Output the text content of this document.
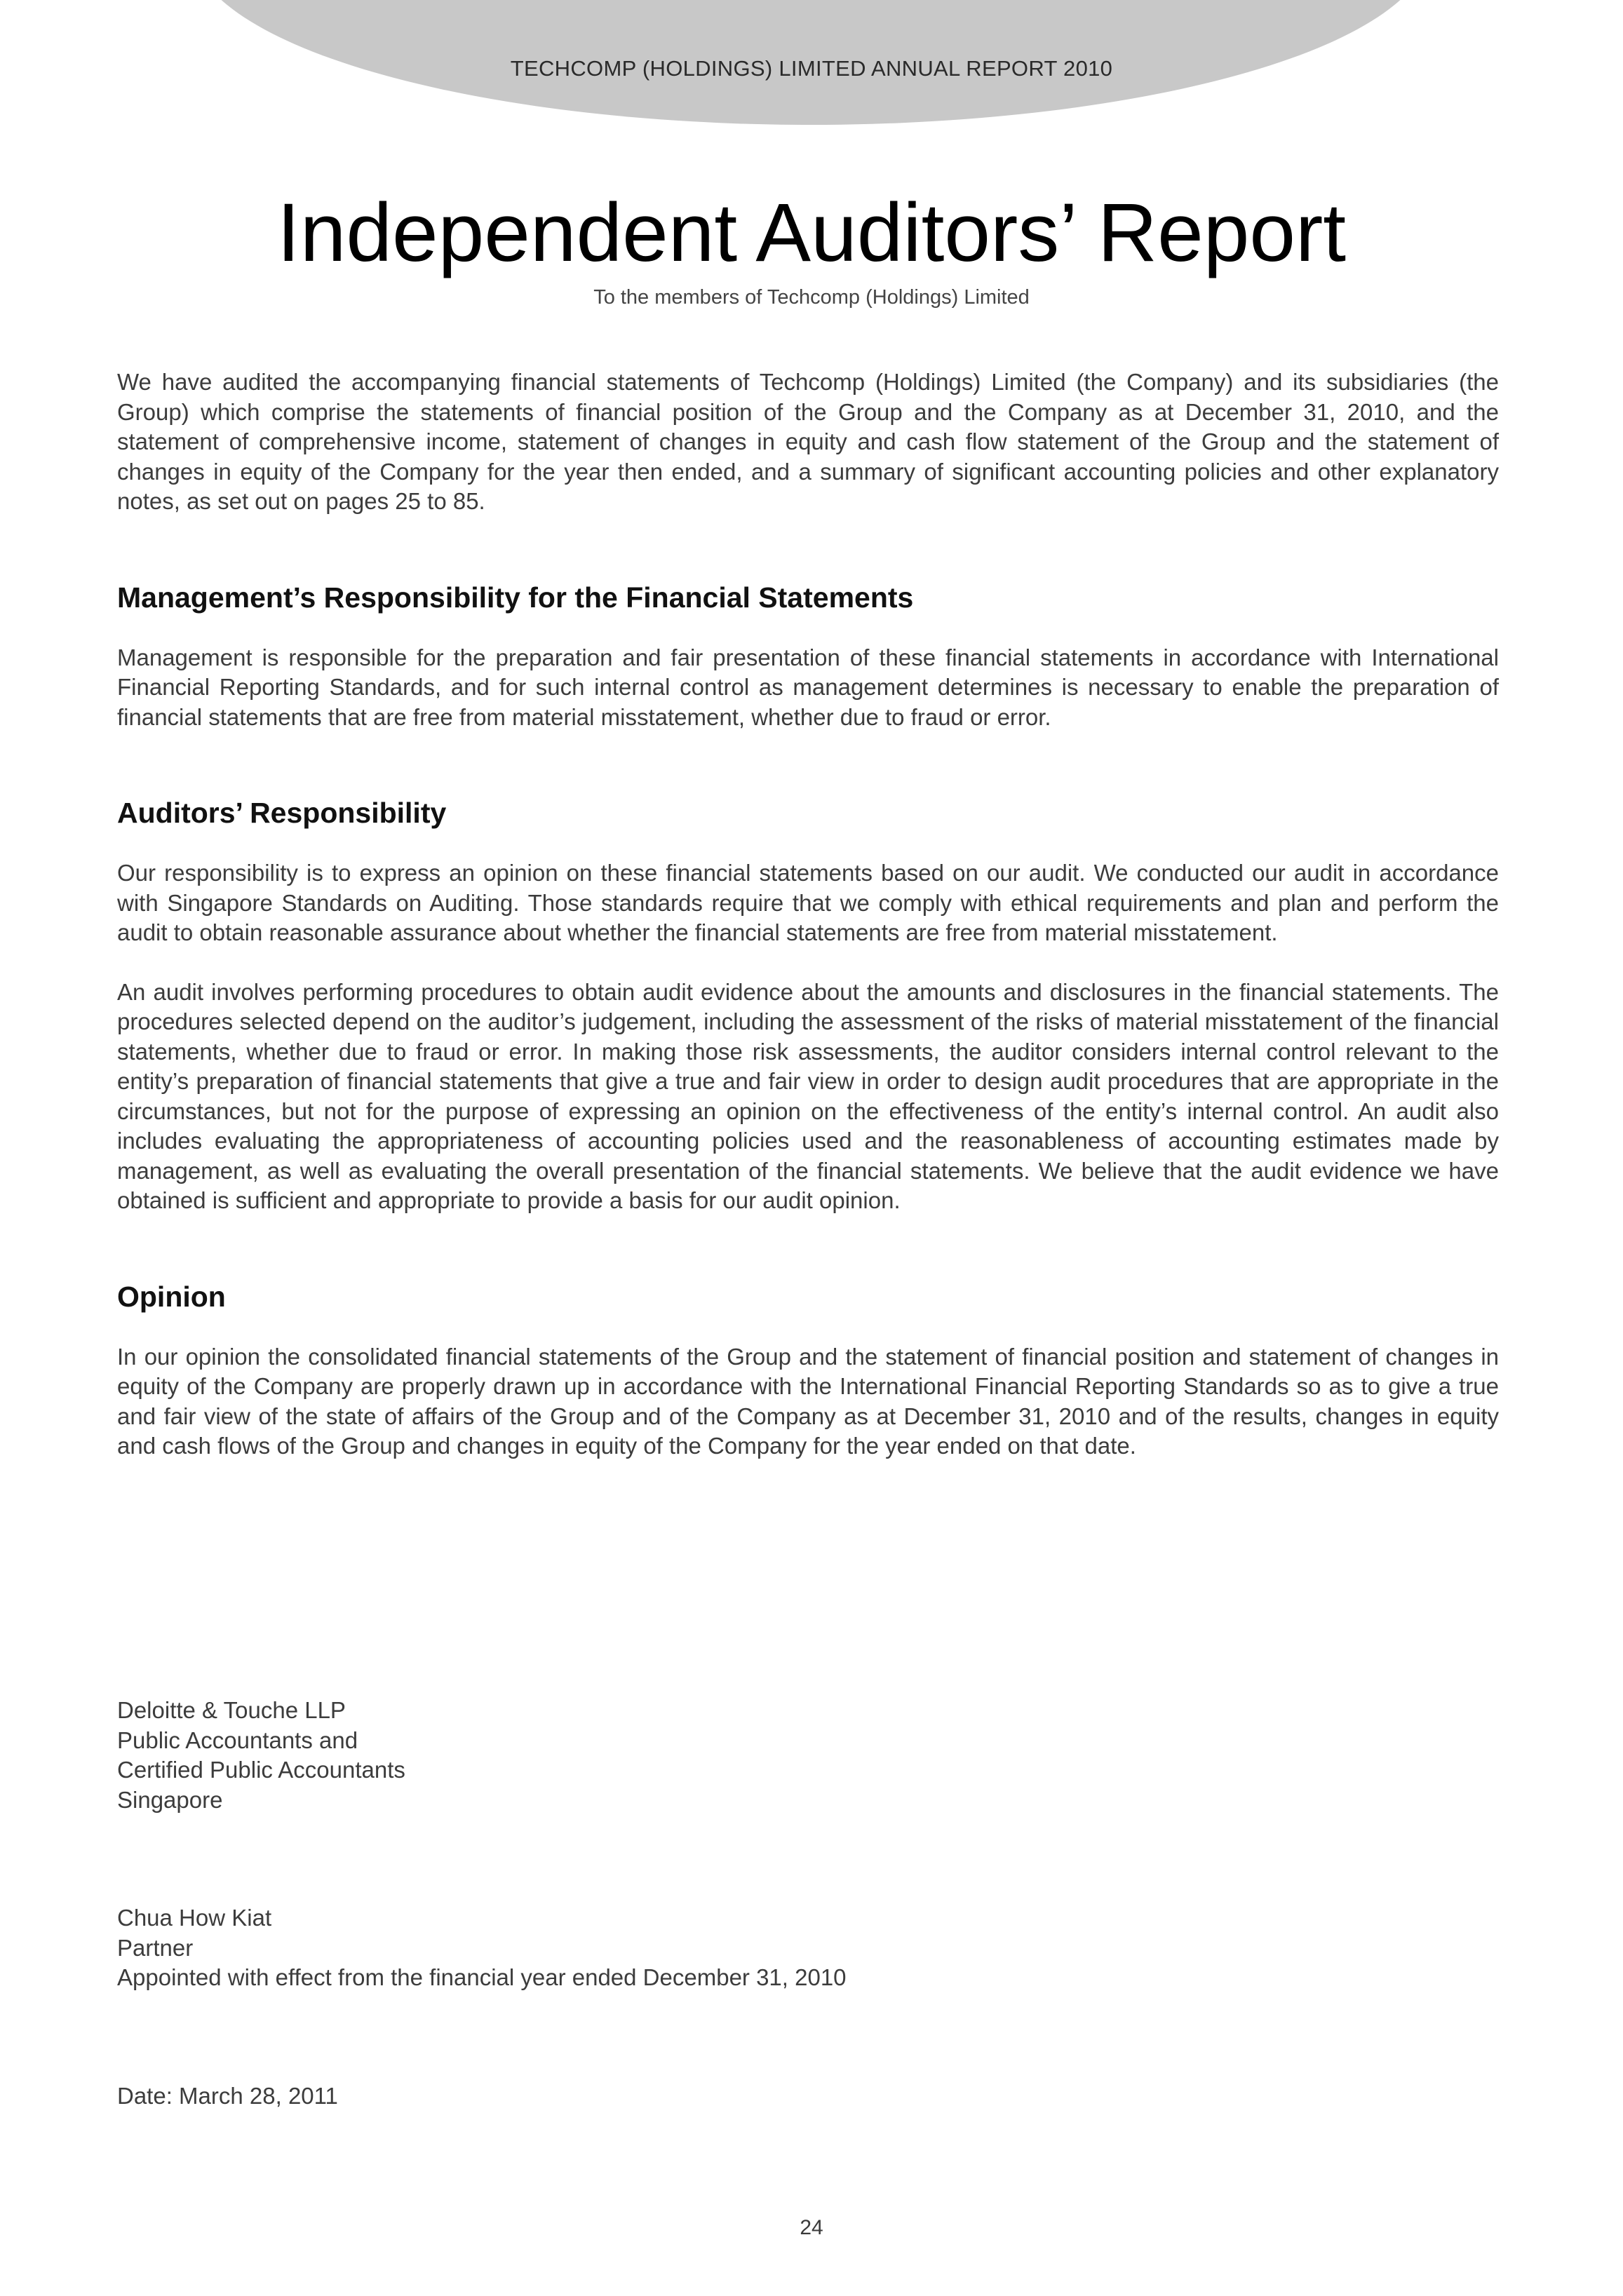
TECHCOMP (HOLDINGS) LIMITED ANNUAL REPORT 2010
Independent Auditors’ Report
To the members of Techcomp (Holdings) Limited

We have audited the accompanying financial statements of Techcomp (Holdings) Limited (the Company) and its subsidiaries (the Group) which comprise the statements of financial position of the Group and the Company as at December 31, 2010, and the statement of comprehensive income, statement of changes in equity and cash flow statement of the Group and the statement of changes in equity of the Company for the year then ended, and a summary of significant accounting policies and other explanatory notes, as set out on pages 25 to 85.

Management’s Responsibility for the Financial Statements

Management is responsible for the preparation and fair presentation of these financial statements in accordance with International Financial Reporting Standards, and for such internal control as management determines is necessary to enable the preparation of financial statements that are free from material misstatement, whether due to fraud or error.

Auditors’ Responsibility

Our responsibility is to express an opinion on these financial statements based on our audit. We conducted our audit in accordance with Singapore Standards on Auditing. Those standards require that we comply with ethical requirements and plan and perform the audit to obtain reasonable assurance about whether the financial statements are free from material misstatement.

An audit involves performing procedures to obtain audit evidence about the amounts and disclosures in the financial statements. The procedures selected depend on the auditor’s judgement, including the assessment of the risks of material misstatement of the financial statements, whether due to fraud or error. In making those risk assessments, the auditor considers internal control relevant to the entity’s preparation of financial statements that give a true and fair view in order to design audit procedures that are appropriate in the circumstances, but not for the purpose of expressing an opinion on the effectiveness of the entity’s internal control. An audit also includes evaluating the appropriateness of accounting policies used and the reasonableness of accounting estimates made by management, as well as evaluating the overall presentation of the financial statements. We believe that the audit evidence we have obtained is sufficient and appropriate to provide a basis for our audit opinion.

Opinion

In our opinion the consolidated financial statements of the Group and the statement of financial position and statement of changes in equity of the Company are properly drawn up in accordance with the International Financial Reporting Standards so as to give a true and fair view of the state of affairs of the Group and of the Company as at December 31, 2010 and of the results, changes in equity and cash flows of the Group and changes in equity of the Company for the year ended on that date.

Deloitte & Touche LLP
Public Accountants and
Certified Public Accountants
Singapore
Chua How Kiat
Partner
Appointed with effect from the financial year ended December 31, 2010
Date: March 28, 2011
24
